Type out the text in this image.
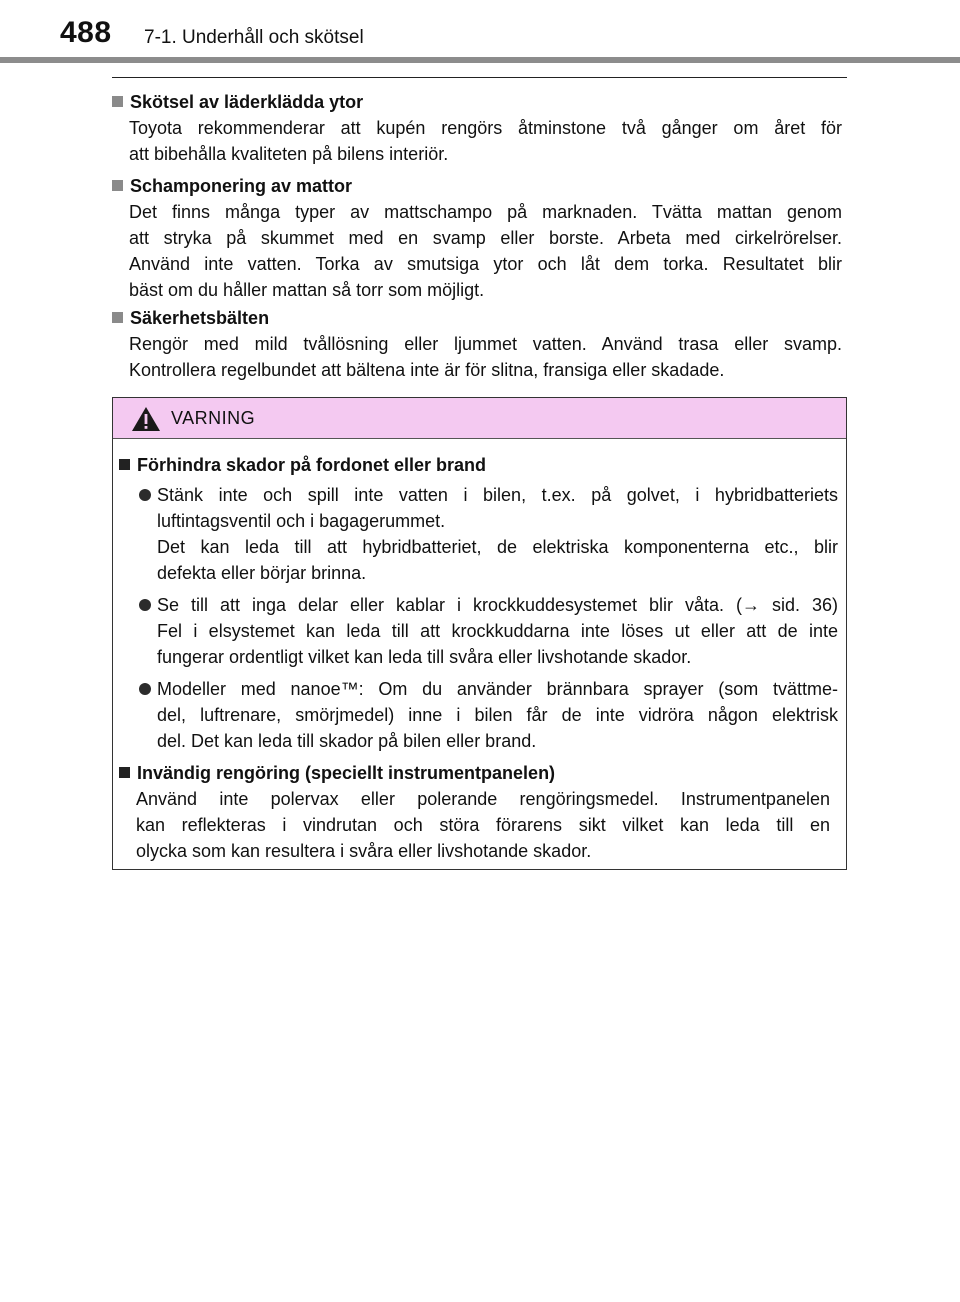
488 7-1. Underhåll och skötsel
Skötsel av läderklädda ytor
Toyota rekommenderar att kupén rengörs åtminstone två gånger om året för
att bibehålla kvaliteten på bilens interiör.
Schamponering av mattor
Det finns många typer av mattschampo på marknaden. Tvätta mattan genom
att stryka på skummet med en svamp eller borste. Arbeta med cirkelrörelser.
Använd inte vatten. Torka av smutsiga ytor och låt dem torka. Resultatet blir
bäst om du håller mattan så torr som möjligt.
Säkerhetsbälten
Rengör med mild tvållösning eller ljummet vatten. Använd trasa eller svamp.
Kontrollera regelbundet att bältena inte är för slitna, fransiga eller skadade.
VARNING
Förhindra skador på fordonet eller brand
Stänk inte och spill inte vatten i bilen, t.ex. på golvet, i hybridbatteriets
luftintagsventil och i bagagerummet.
Det kan leda till att hybridbatteriet, de elektriska komponenterna etc., blir
defekta eller börjar brinna.
Se till att inga delar eller kablar i krockkuddesystemet blir våta. (→ sid. 36)
Fel i elsystemet kan leda till att krockkuddarna inte löses ut eller att de inte
fungerar ordentligt vilket kan leda till svåra eller livshotande skador.
Modeller med nanoe™: Om du använder brännbara sprayer (som tvättme-
del, luftrenare, smörjmedel) inne i bilen får de inte vidröra någon elektrisk
del. Det kan leda till skador på bilen eller brand.
Invändig rengöring (speciellt instrumentpanelen)
Använd inte polervax eller polerande rengöringsmedel. Instrumentpanelen
kan reflekteras i vindrutan och störa förarens sikt vilket kan leda till en
olycka som kan resultera i svåra eller livshotande skador.
